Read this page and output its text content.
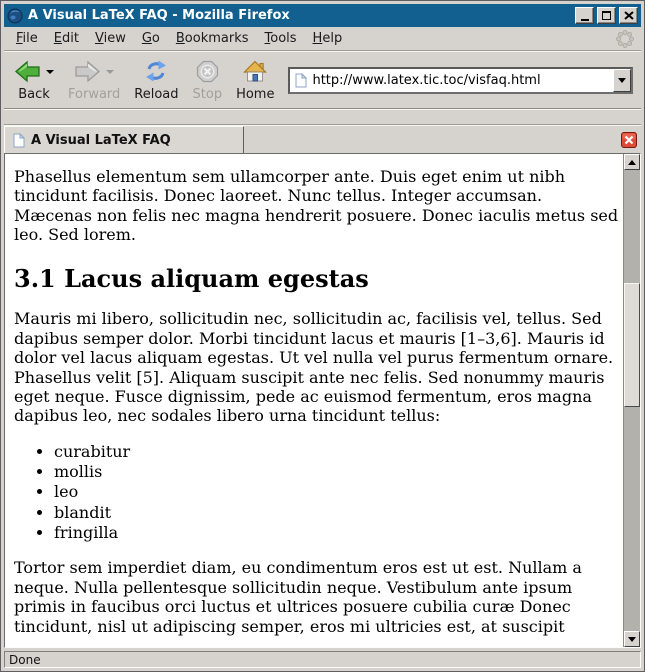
A Visual LaTeX FAQ - Mozilla Firefox
File	Edit	View	Go	Bookmarks	Tools	Help
Back Forward Reload Stop Home
http://www.latex.tic.toc/visfaq.html
A Visual LaTeX FAQ

Phasellus elementum sem ullamcorper ante. Duis eget enim ut nibh tincidunt facilisis. Donec laoreet. Nunc tellus. Integer accumsan. Mæcenas non felis nec magna hendrerit posuere. Donec iaculis metus sed leo. Sed lorem.

3.1 Lacus aliquam egestas

Mauris mi libero, sollicitudin nec, sollicitudin ac, facilisis vel, tellus. Sed dapibus semper dolor. Morbi tincidunt lacus et mauris [1–3,6]. Mauris id dolor vel lacus aliquam egestas. Ut vel nulla vel purus fermentum ornare. Phasellus velit [5]. Aliquam suscipit ante nec felis. Sed nonummy mauris eget neque. Fusce dignissim, pede ac euismod fermentum, eros magna dapibus leo, nec sodales libero urna tincidunt tellus:

• curabitur
• mollis
• leo
• blandit
• fringilla

Tortor sem imperdiet diam, eu condimentum eros est ut est. Nullam a neque. Nulla pellentesque sollicitudin neque. Vestibulum ante ipsum primis in faucibus orci luctus et ultrices posuere cubilia curæ Donec tincidunt, nisl ut adipiscing semper, eros mi ultricies est, at suscipit

Done
